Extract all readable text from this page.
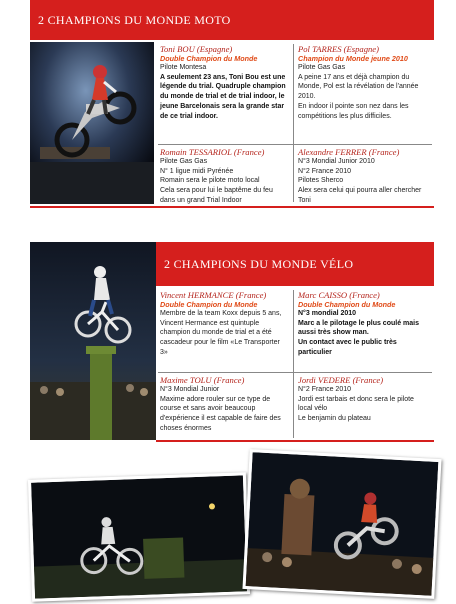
2 CHAMPIONS DU MONDE MOTO
Toni BOU (Espagne)
Double Champion du Monde
Pilote Montesa
A seulement 23 ans, Toni Bou est une légende du trial. Quadruple champion du monde de trial et de trial indoor, le jeune Barcelonais sera la grande star de ce trial indoor.
Pol TARRES (Espagne)
Champion du Monde jeune 2010
Pilote Gas Gas
A peine 17 ans et déjà champion du Monde, Pol est la révélation de l'année 2010.
En indoor il pointe son nez dans les compétitions les plus difficiles.
Romain TESSARIOL (France)
Pilote Gas Gas
N° 1 ligue midi Pyrénée
Romain sera le pilote moto local
Cela sera pour lui le baptême du feu dans un grand Trial Indoor
Alexandre FERRER (France)
N°3 Mondial Junior 2010
N°2 France 2010
Pilotes Sherco
Alex sera celui qui pourra aller chercher Toni
2 CHAMPIONS DU MONDE VÉLO
Vincent HERMANCE (France)
Double Champion du Monde
Membre de la team Koxx depuis 5 ans, Vincent Hermance est quintuple champion du monde de trial et a été cascadeur pour le film «Le Transporter 3»
Marc CAISSO (France)
Double Champion du Monde
N°3 mondial 2010
Marc a le pilotage le plus coulé mais aussi très show man.
Un contact avec le public très particulier
Maxime TOLU (France)
N°3 Mondial Junior
Maxime adore rouler sur ce type de course et sans avoir beaucoup d'expérience il est capable de faire des choses énormes
Jordi VEDERE (France)
N°2 France 2010
Jordi est tarbais et donc sera le pilote local vélo
Le benjamin du plateau
